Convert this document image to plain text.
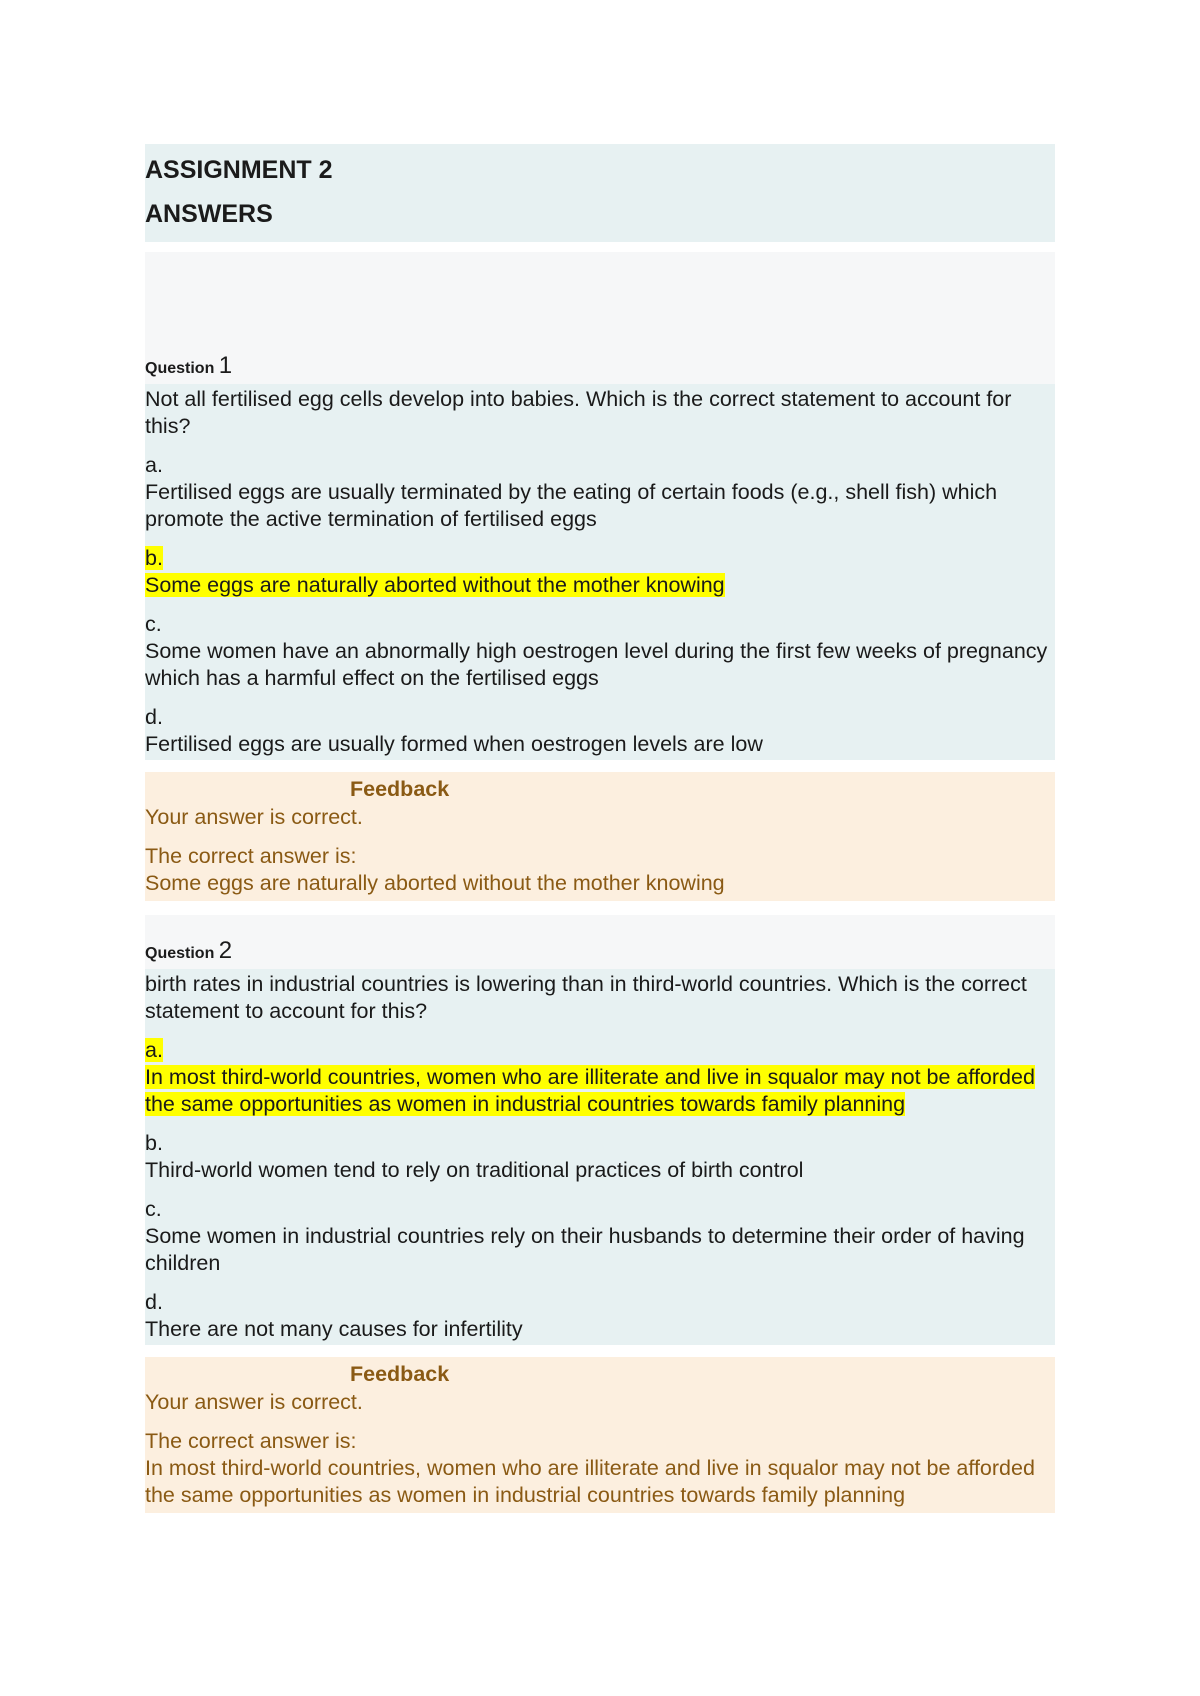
ASSIGNMENT 2
ANSWERS
Question 1
Not all fertilised egg cells develop into babies. Which is the correct statement to account for this?
a.
Fertilised eggs are usually terminated by the eating of certain foods (e.g., shell fish) which promote the active termination of fertilised eggs
b.
Some eggs are naturally aborted without the mother knowing
c.
Some women have an abnormally high oestrogen level during the first few weeks of pregnancy which has a harmful effect on the fertilised eggs
d.
Fertilised eggs are usually formed when oestrogen levels are low
Feedback
Your answer is correct.
The correct answer is:
Some eggs are naturally aborted without the mother knowing
Question 2
birth rates in industrial countries is lowering than in third-world countries. Which is the correct statement to account for this?
a.
In most third-world countries, women who are illiterate and live in squalor may not be afforded the same opportunities as women in industrial countries towards family planning
b.
Third-world women tend to rely on traditional practices of birth control
c.
Some women in industrial countries rely on their husbands to determine their order of having children
d.
There are not many causes for infertility
Feedback
Your answer is correct.
The correct answer is:
In most third-world countries, women who are illiterate and live in squalor may not be afforded the same opportunities as women in industrial countries towards family planning
